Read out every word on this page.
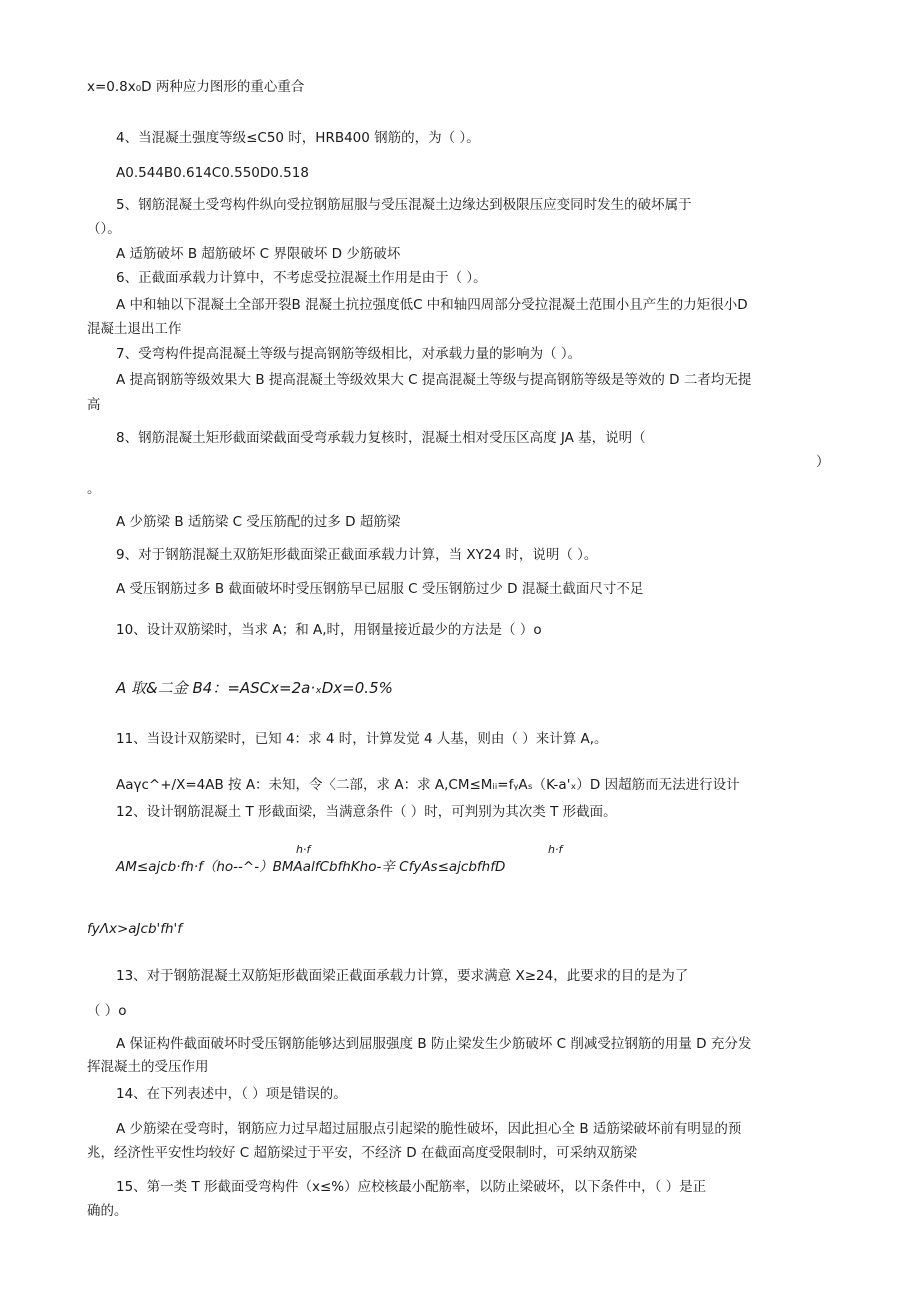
x=0.8x₀D 两种应力图形的重心重合
4、当混凝土强度等级≤C50 时，HRB400 钢筋的，为（ ）。
A0.544B0.614C0.550D0.518
5、钢筋混凝土受弯构件纵向受拉钢筋屈服与受压混凝土边缘达到极限压应变同时发生的破坏属于
（）。
A 适筋破坏 B 超筋破坏 C 界限破坏 D 少筋破坏
6、正截面承载力计算中，不考虑受拉混凝土作用是由于（ ）。
A 中和轴以下混凝土全部开裂B 混凝土抗拉强度低C 中和轴四周部分受拉混凝土范围小且产生的力矩很小D
混凝土退出工作
7、受弯构件提高混凝土等级与提高钢筋等级相比，对承载力量的影响为（ ）。
A 提高钢筋等级效果大 B 提高混凝土等级效果大 C 提高混凝土等级与提高钢筋等级是等效的 D 二者均无提
高
8、钢筋混凝土矩形截面梁截面受弯承载力复核时，混凝土相对受压区高度 JA 基，说明（
）
。
A 少筋梁 B 适筋梁 C 受压筋配的过多 D 超筋梁
9、对于钢筋混凝土双筋矩形截面梁正截面承载力计算，当 XY24 时，说明（ ）。
A 受压钢筋过多 B 截面破坏时受压钢筋早已屈服 C 受压钢筋过少 D 混凝土截面尺寸不足
10、设计双筋梁时，当求 A；和 A,时，用钢量接近最少的方法是（ ）o
A 取&二金 B4：=ASCx=2a·ₓDx=0.5%
11、当设计双筋梁时，已知 4：求 4 时，计算发觉 4 人基，则由（ ）来计算 A,。
Aaγc^+/X=4AB 按 A：未知，令〈二部，求 A：求 A,CM≤Mᵢᵢ=fᵧAₛ（K-a'ₓ）D 因超筋而无法进行设计
12、设计钢筋混凝土 T 形截面梁，当满意条件（ ）时，可判别为其次类 T 形截面。
h·f	h·f
AM≤ajcb·fh·f（ho--^-）BMAalfCbfhKho-辛 CfyAs≤ajcbfhfD
fyΛx>aJcb'fh'f
13、对于钢筋混凝土双筋矩形截面梁正截面承载力计算，要求满意 X≥24，此要求的目的是为了
（ ）o
A 保证构件截面破坏时受压钢筋能够达到屈服强度 B 防止梁发生少筋破坏 C 削减受拉钢筋的用量 D 充分发
挥混凝土的受压作用
14、在下列表述中，（ ）项是错误的。
A 少筋梁在受弯时，钢筋应力过早超过屈服点引起梁的脆性破坏，因此担心全 B 适筋梁破坏前有明显的预
兆，经济性平安性均较好 C 超筋梁过于平安，不经济 D 在截面高度受限制时，可采纳双筋梁
15、第一类 T 形截面受弯构件（x≤%）应校核最小配筋率，以防止梁破坏，以下条件中，（ ）是正
确的。
